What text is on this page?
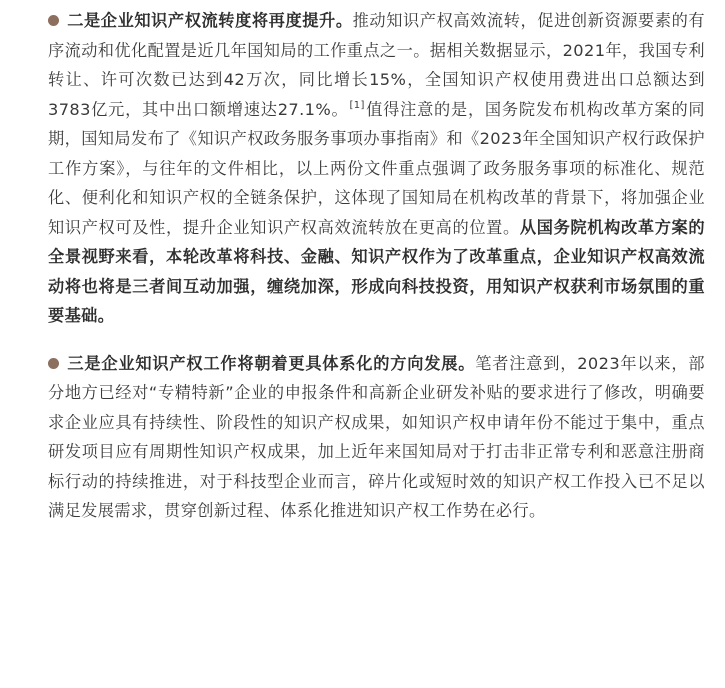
二是企业知识产权流转度将再度提升。推动知识产权高效流转，促进创新资源要素的有序流动和优化配置是近几年国知局的工作重点之一。据相关数据显示，2021年，我国专利转让、许可次数已达到42万次，同比增长15%，全国知识产权使用费进出口总额达到3783亿元，其中出口额增速达27.1%。[1]值得注意的是，国务院发布机构改革方案的同期，国知局发布了《知识产权政务服务事项办事指南》和《2023年全国知识产权行政保护工作方案》，与往年的文件相比，以上两份文件重点强调了政务服务事项的标准化、规范化、便利化和知识产权的全链条保护，这体现了国知局在机构改革的背景下，将加强企业知识产权可及性，提升企业知识产权高效流转放在更高的位置。从国务院机构改革方案的全景视野来看，本轮改革将科技、金融、知识产权作为了改革重点，企业知识产权高效流动将也将是三者间互动加强，缠绕加深，形成向科技投资，用知识产权获利市场氛围的重要基础。

三是企业知识产权工作将朝着更具体系化的方向发展。笔者注意到，2023年以来，部分地方已经对“专精特新”企业的申报条件和高新企业研发补贴的要求进行了修改，明确要求企业应具有持续性、阶段性的知识产权成果，如知识产权申请年份不能过于集中，重点研发项目应有周期性知识产权成果，加上近年来国知局对于打击非正常专利和恶意注册商标行动的持续推进，对于科技型企业而言，碎片化或短时效的知识产权工作投入已不足以满足发展需求，贯穿创新过程、体系化推进知识产权工作势在必行。
